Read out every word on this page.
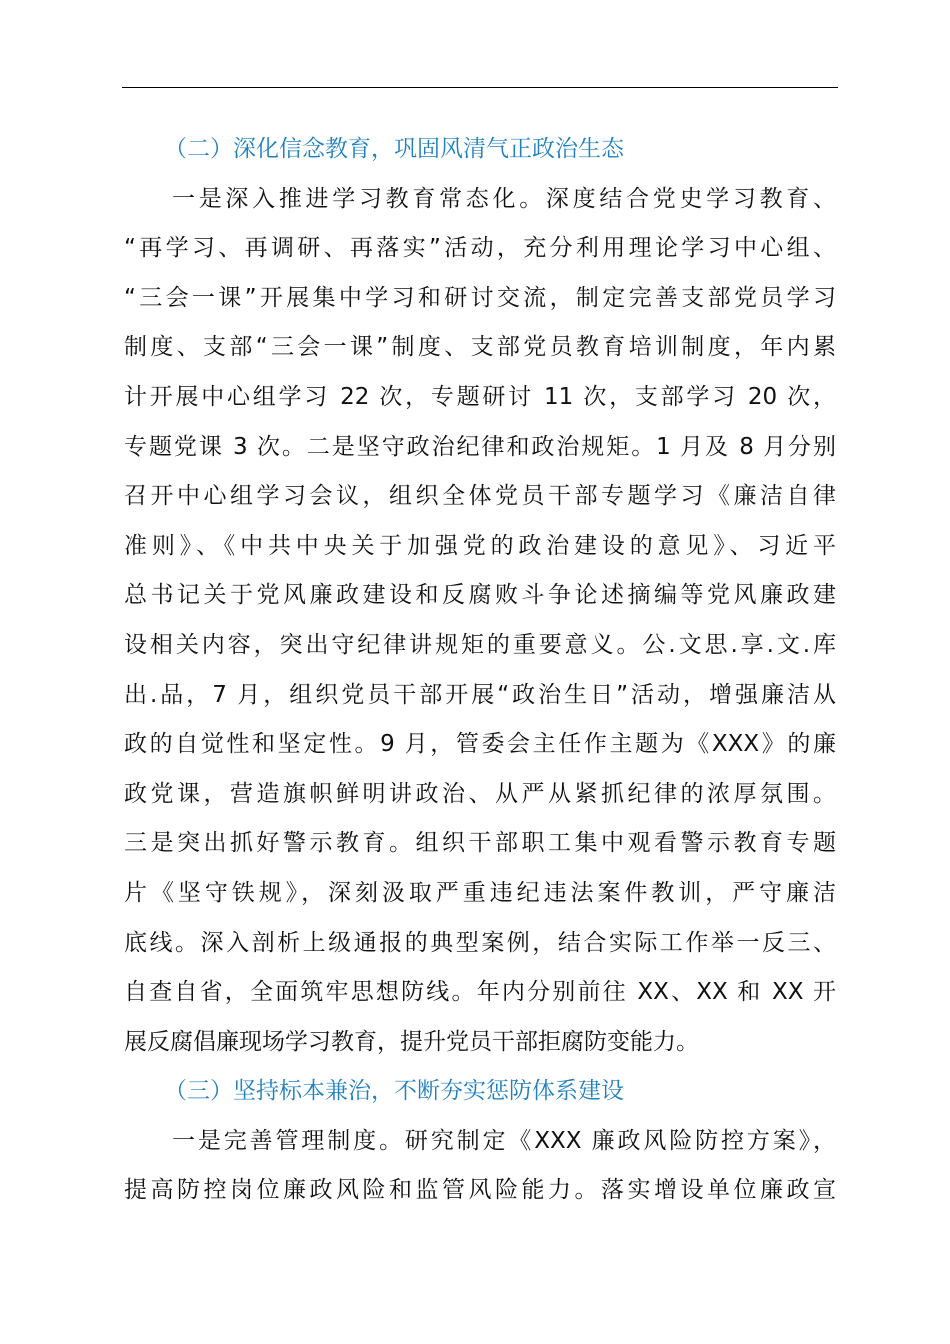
（二）深化信念教育，巩固风清气正政治生态
一是深入推进学习教育常态化。深度结合党史学习教育、
“再学习、再调研、再落实”活动，充分利用理论学习中心组、
“三会一课”开展集中学习和研讨交流，制定完善支部党员学习
制度、支部“三会一课”制度、支部党员教育培训制度，年内累
计开展中心组学习 22 次，专题研讨 11 次，支部学习 20 次，
专题党课 3 次。二是坚守政治纪律和政治规矩。1 月及 8 月分别
召开中心组学习会议，组织全体党员干部专题学习《廉洁自律
准则》、《中共中央关于加强党的政治建设的意见》、习近平
总书记关于党风廉政建设和反腐败斗争论述摘编等党风廉政建
设相关内容，突出守纪律讲规矩的重要意义。公.文思.享.文.库
出.品，7 月，组织党员干部开展“政治生日”活动，增强廉洁从
政的自觉性和坚定性。9 月，管委会主任作主题为《XXX》的廉
政党课，营造旗帜鲜明讲政治、从严从紧抓纪律的浓厚氛围。
三是突出抓好警示教育。组织干部职工集中观看警示教育专题
片《坚守铁规》，深刻汲取严重违纪违法案件教训，严守廉洁
底线。深入剖析上级通报的典型案例，结合实际工作举一反三、
自查自省，全面筑牢思想防线。年内分别前往 XX、XX 和 XX 开
展反腐倡廉现场学习教育，提升党员干部拒腐防变能力。
（三）坚持标本兼治，不断夯实惩防体系建设
一是完善管理制度。研究制定《XXX 廉政风险防控方案》，
提高防控岗位廉政风险和监管风险能力。落实增设单位廉政宣
